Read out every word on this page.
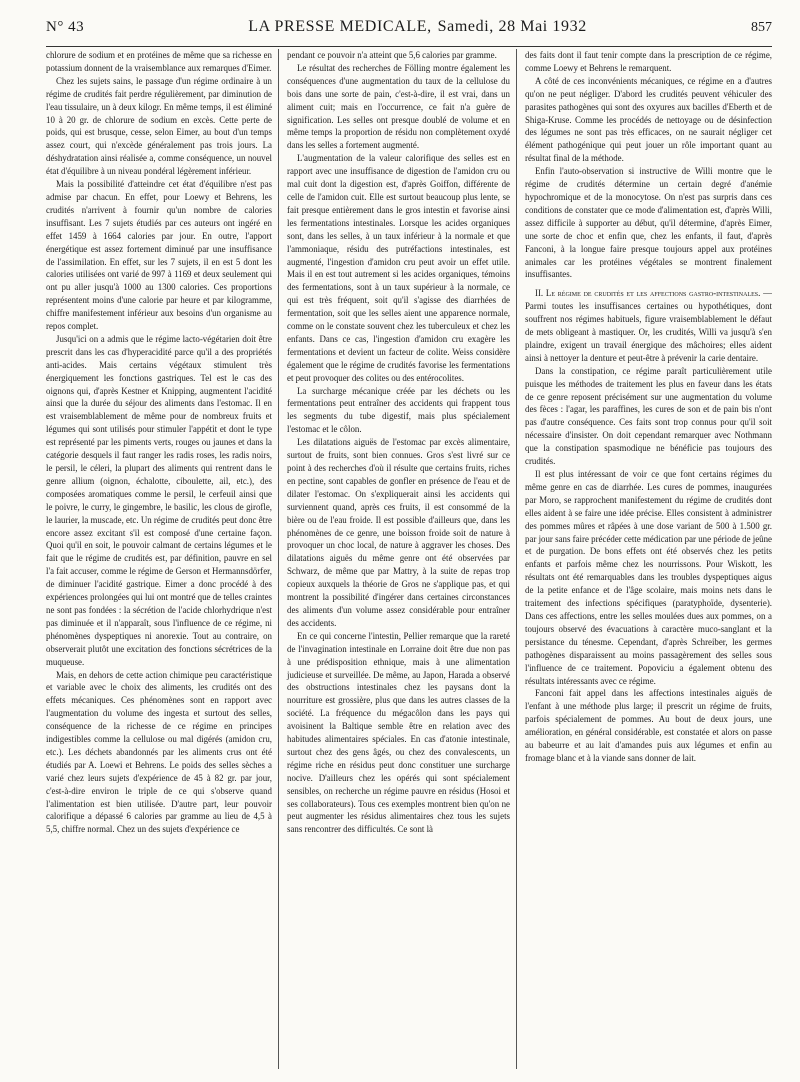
N° 43	LA PRESSE MEDICALE, Samedi, 28 Mai 1932	857

chlorure de sodium et en protéines de même que sa richesse en potassium donnent de la vraisemblance aux remarques d'Eimer.

Chez les sujets sains, le passage d'un régime ordinaire à un régime de crudités fait perdre régulièrement, par diminution de l'eau tissulaire, un à deux kilogr. En même temps, il est éliminé 10 à 20 gr. de chlorure de sodium en excès. Cette perte de poids, qui est brusque, cesse, selon Eimer, au bout d'un temps assez court, qui n'excède généralement pas trois jours. La déshydratation ainsi réalisée a, comme conséquence, un nouvel état d'équilibre à un niveau pondéral légèrement inférieur.

Mais la possibilité d'atteindre cet état d'équilibre n'est pas admise par chacun. En effet, pour Loewy et Behrens, les crudités n'arrivent à fournir qu'un nombre de calories insuffisant. Les 7 sujets étudiés par ces auteurs ont ingéré en effet 1459 à 1664 calories par jour. En outre, l'apport énergétique est assez fortement diminué par une insuffisance de l'assimilation. En effet, sur les 7 sujets, il en est 5 dont les calories utilisées ont varié de 997 à 1169 et deux seulement qui ont pu aller jusqu'à 1000 au 1300 calories. Ces proportions représentent moins d'une calorie par heure et par kilogramme, chiffre manifestement inférieur aux besoins d'un organisme au repos complet.

Jusqu'ici on a admis que le régime lacto-végétarien doit être prescrit dans les cas d'hyperacidité parce qu'il a des propriétés anti-acides. Mais certains végétaux stimulent très énergiquement les fonctions gastriques. Tel est le cas des oignons qui, d'après Kestner et Knipping, augmentent l'acidité ainsi que la durée du séjour des aliments dans l'estomac. Il en est vraisemblablement de même pour de nombreux fruits et légumes qui sont utilisés pour stimuler l'appétit et dont le type est représenté par les piments verts, rouges ou jaunes et dans la catégorie desquels il faut ranger les radis roses, les radis noirs, le persil, le céleri, la plupart des aliments qui rentrent dans le genre allium (oignon, échalotte, ciboulette, ail, etc.), des composées aromatiques comme le persil, le cerfeuil ainsi que le poivre, le curry, le gingembre, le basilic, les clous de girofle, le laurier, la muscade, etc. Un régime de crudités peut donc être encore assez excitant s'il est composé d'une certaine façon. Quoi qu'il en soit, le pouvoir calmant de certains légumes et le fait que le régime de crudités est, par définition, pauvre en sel l'a fait accuser, comme le régime de Gerson et Hermannsdörfer, de diminuer l'acidité gastrique. Eimer a donc procédé à des expériences prolongées qui lui ont montré que de telles craintes ne sont pas fondées : la sécrétion de l'acide chlorhydrique n'est pas diminuée et il n'apparaît, sous l'influence de ce régime, ni phénomènes dyspeptiques ni anorexie. Tout au contraire, on observerait plutôt une excitation des fonctions sécrétrices de la muqueuse.

Mais, en dehors de cette action chimique peu caractéristique et variable avec le choix des aliments, les crudités ont des effets mécaniques. Ces phénomènes sont en rapport avec l'augmentation du volume des ingesta et surtout des selles, conséquence de la richesse de ce régime en principes indigestibles comme la cellulose ou mal digérés (amidon cru, etc.). Les déchets abandonnés par les aliments crus ont été étudiés par A. Loewi et Behrens. Le poids des selles sèches a varié chez leurs sujets d'expérience de 45 à 82 gr. par jour, c'est-à-dire environ le triple de ce qui s'observe quand l'alimentation est bien utilisée. D'autre part, leur pouvoir calorifique a dépassé 6 calories par gramme au lieu de 4,5 à 5,5, chiffre normal. Chez un des sujets d'expérience ce

pendant ce pouvoir n'a atteint que 5,6 calories par gramme.

Le résultat des recherches de Fölling montre également les conséquences d'une augmentation du taux de la cellulose du bois dans une sorte de pain, c'est-à-dire, il est vrai, dans un aliment cuit; mais en l'occurrence, ce fait n'a guère de signification. Les selles ont presque doublé de volume et en même temps la proportion de résidu non complètement oxydé dans les selles a fortement augmenté.

L'augmentation de la valeur calorifique des selles est en rapport avec une insuffisance de digestion de l'amidon cru ou mal cuit dont la digestion est, d'après Goiffon, différente de celle de l'amidon cuit. Elle est surtout beaucoup plus lente, se fait presque entièrement dans le gros intestin et favorise ainsi les fermentations intestinales. Lorsque les acides organiques sont, dans les selles, à un taux inférieur à la normale et que l'ammoniaque, résidu des putréfactions intestinales, est augmenté, l'ingestion d'amidon cru peut avoir un effet utile. Mais il en est tout autrement si les acides organiques, témoins des fermentations, sont à un taux supérieur à la normale, ce qui est très fréquent, soit qu'il s'agisse des diarrhées de fermentation, soit que les selles aient une apparence normale, comme on le constate souvent chez les tuberculeux et chez les enfants. Dans ce cas, l'ingestion d'amidon cru exagère les fermentations et devient un facteur de colite. Weiss considère également que le régime de crudités favorise les fermentations et peut provoquer des colites ou des entérocolites.

La surcharge mécanique créée par les déchets ou les fermentations peut entraîner des accidents qui frappent tous les segments du tube digestif, mais plus spécialement l'estomac et le côlon.

Les dilatations aiguës de l'estomac par excès alimentaire, surtout de fruits, sont bien connues. Gros s'est livré sur ce point à des recherches d'où il résulte que certains fruits, riches en pectine, sont capables de gonfler en présence de l'eau et de dilater l'estomac. On s'expliquerait ainsi les accidents qui surviennent quand, après ces fruits, il est consommé de la bière ou de l'eau froide. Il est possible d'ailleurs que, dans les phénomènes de ce genre, une boisson froide soit de nature à provoquer un choc local, de nature à aggraver les choses. Des dilatations aiguës du même genre ont été observées par Schwarz, de même que par Mattry, à la suite de repas trop copieux auxquels la théorie de Gros ne s'applique pas, et qui montrent la possibilité d'ingérer dans certaines circonstances des aliments d'un volume assez considérable pour entraîner des accidents.

En ce qui concerne l'intestin, Pellier remarque que la rareté de l'invagination intestinale en Lorraine doit être due non pas à une prédisposition ethnique, mais à une alimentation judicieuse et surveillée. De même, au Japon, Harada a observé des obstructions intestinales chez les paysans dont la nourriture est grossière, plus que dans les autres classes de la société. La fréquence du mégacôlon dans les pays qui avoisinent la Baltique semble être en relation avec des habitudes alimentaires spéciales. En cas d'atonie intestinale, surtout chez des gens âgés, ou chez des convalescents, un régime riche en résidus peut donc constituer une surcharge nocive. D'ailleurs chez les opérés qui sont spécialement sensibles, on recherche un régime pauvre en résidus (Hosoi et ses collaborateurs). Tous ces exemples montrent bien qu'on ne peut augmenter les résidus alimentaires chez tous les sujets sans rencontrer des difficultés. Ce sont là

des faits dont il faut tenir compte dans la prescription de ce régime, comme Loewy et Behrens le remarquent.

A côté de ces inconvénients mécaniques, ce régime en a d'autres qu'on ne peut négliger. D'abord les crudités peuvent véhiculer des parasites pathogènes qui sont des oxyures aux bacilles d'Eberth et de Shiga-Kruse. Comme les procédés de nettoyage ou de désinfection des légumes ne sont pas très efficaces, on ne saurait négliger cet élément pathogénique qui peut jouer un rôle important quant au résultat final de la méthode.

Enfin l'auto-observation si instructive de Willi montre que le régime de crudités détermine un certain degré d'anémie hypochromique et de la monocytose. On n'est pas surpris dans ces conditions de constater que ce mode d'alimentation est, d'après Willi, assez difficile à supporter au début, qu'il détermine, d'après Eimer, une sorte de choc et enfin que, chez les enfants, il faut, d'après Fanconi, à la longue faire presque toujours appel aux protéines animales car les protéines végétales se montrent finalement insuffisantes.

II. Le régime de crudités et les affections gastro-intestinales. — Parmi toutes les insuffisances certaines ou hypothétiques, dont souffrent nos régimes habituels, figure vraisemblablement le défaut de mets obligeant à mastiquer. Or, les crudités, Willi va jusqu'à s'en plaindre, exigent un travail énergique des mâchoires; elles aident ainsi à nettoyer la denture et peut-être à prévenir la carie dentaire.

Dans la constipation, ce régime paraît particulièrement utile puisque les méthodes de traitement les plus en faveur dans les états de ce genre reposent précisément sur une augmentation du volume des fèces : l'agar, les paraffines, les cures de son et de pain bis n'ont pas d'autre conséquence. Ces faits sont trop connus pour qu'il soit nécessaire d'insister. On doit cependant remarquer avec Nothmann que la constipation spasmodique ne bénéficie pas toujours des crudités.

Il est plus intéressant de voir ce que font certains régimes du même genre en cas de diarrhée. Les cures de pommes, inaugurées par Moro, se rapprochent manifestement du régime de crudités dont elles aident à se faire une idée précise. Elles consistent à administrer des pommes mûres et râpées à une dose variant de 500 à 1.500 gr. par jour sans faire précéder cette médication par une période de jeûne et de purgation. De bons effets ont été observés chez les petits enfants et parfois même chez les nourrissons. Pour Wiskott, les résultats ont été remarquables dans les troubles dyspeptiques aigus de la petite enfance et de l'âge scolaire, mais moins nets dans le traitement des infections spécifiques (paratyphoïde, dysenterie). Dans ces affections, entre les selles moulées dues aux pommes, on a toujours observé des évacuations à caractère muco-sanglant et la persistance du ténesme. Cependant, d'après Schreiber, les germes pathogènes disparaissent au moins passagèrement des selles sous l'influence de ce traitement. Popoviciu a également obtenu des résultats intéressants avec ce régime.

Fanconi fait appel dans les affections intestinales aiguës de l'enfant à une méthode plus large; il prescrit un régime de fruits, parfois spécialement de pommes. Au bout de deux jours, une amélioration, en général considérable, est constatée et alors on passe au babeurre et au lait d'amandes puis aux légumes et enfin au fromage blanc et à la viande sans donner de lait.
